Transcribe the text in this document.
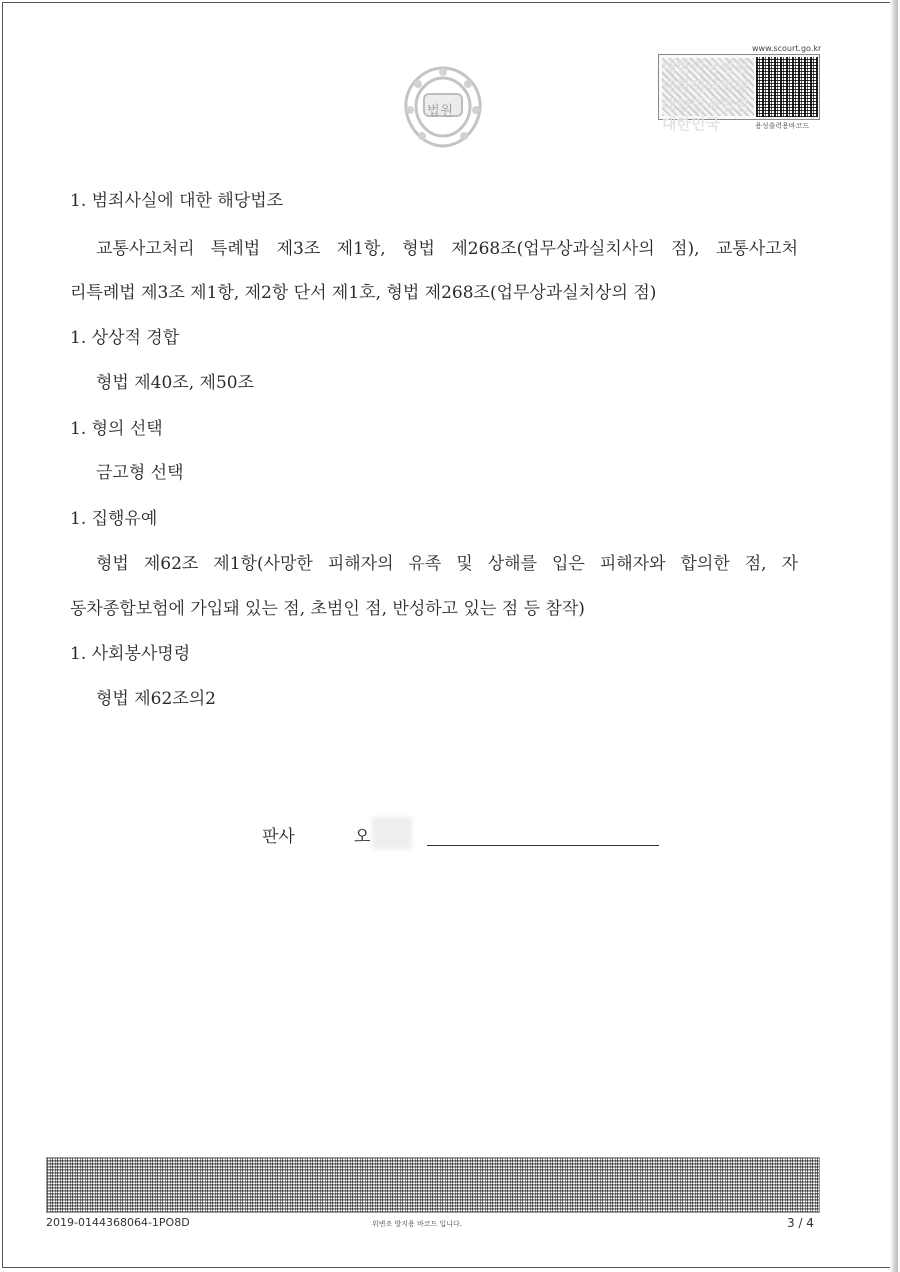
법원
www.scourt.go.kr
대한민국법원대한민국법원대한민국법원대한민국	용성출력용바코드

1. 범죄사실에 대한 해당법조

교통사고처리 특례법 제3조 제1항, 형법 제268조(업무상과실치사의 점), 교통사고처

리특례법 제3조 제1항, 제2항 단서 제1호, 형법 제268조(업무상과실치상의 점)

1. 상상적 경합

형법 제40조, 제50조

1. 형의 선택

금고형 선택

1. 집행유예

형법 제62조 제1항(사망한 피해자의 유족 및 상해를 입은 피해자와 합의한 점, 자

동차종합보험에 가입돼 있는 점, 초범인 점, 반성하고 있는 점 등 참작)

1. 사회봉사명령

형법 제62조의2

판사	오

2019-0144368064-1PO8D	위변조 방지용 바코드 입니다.	3 / 4
